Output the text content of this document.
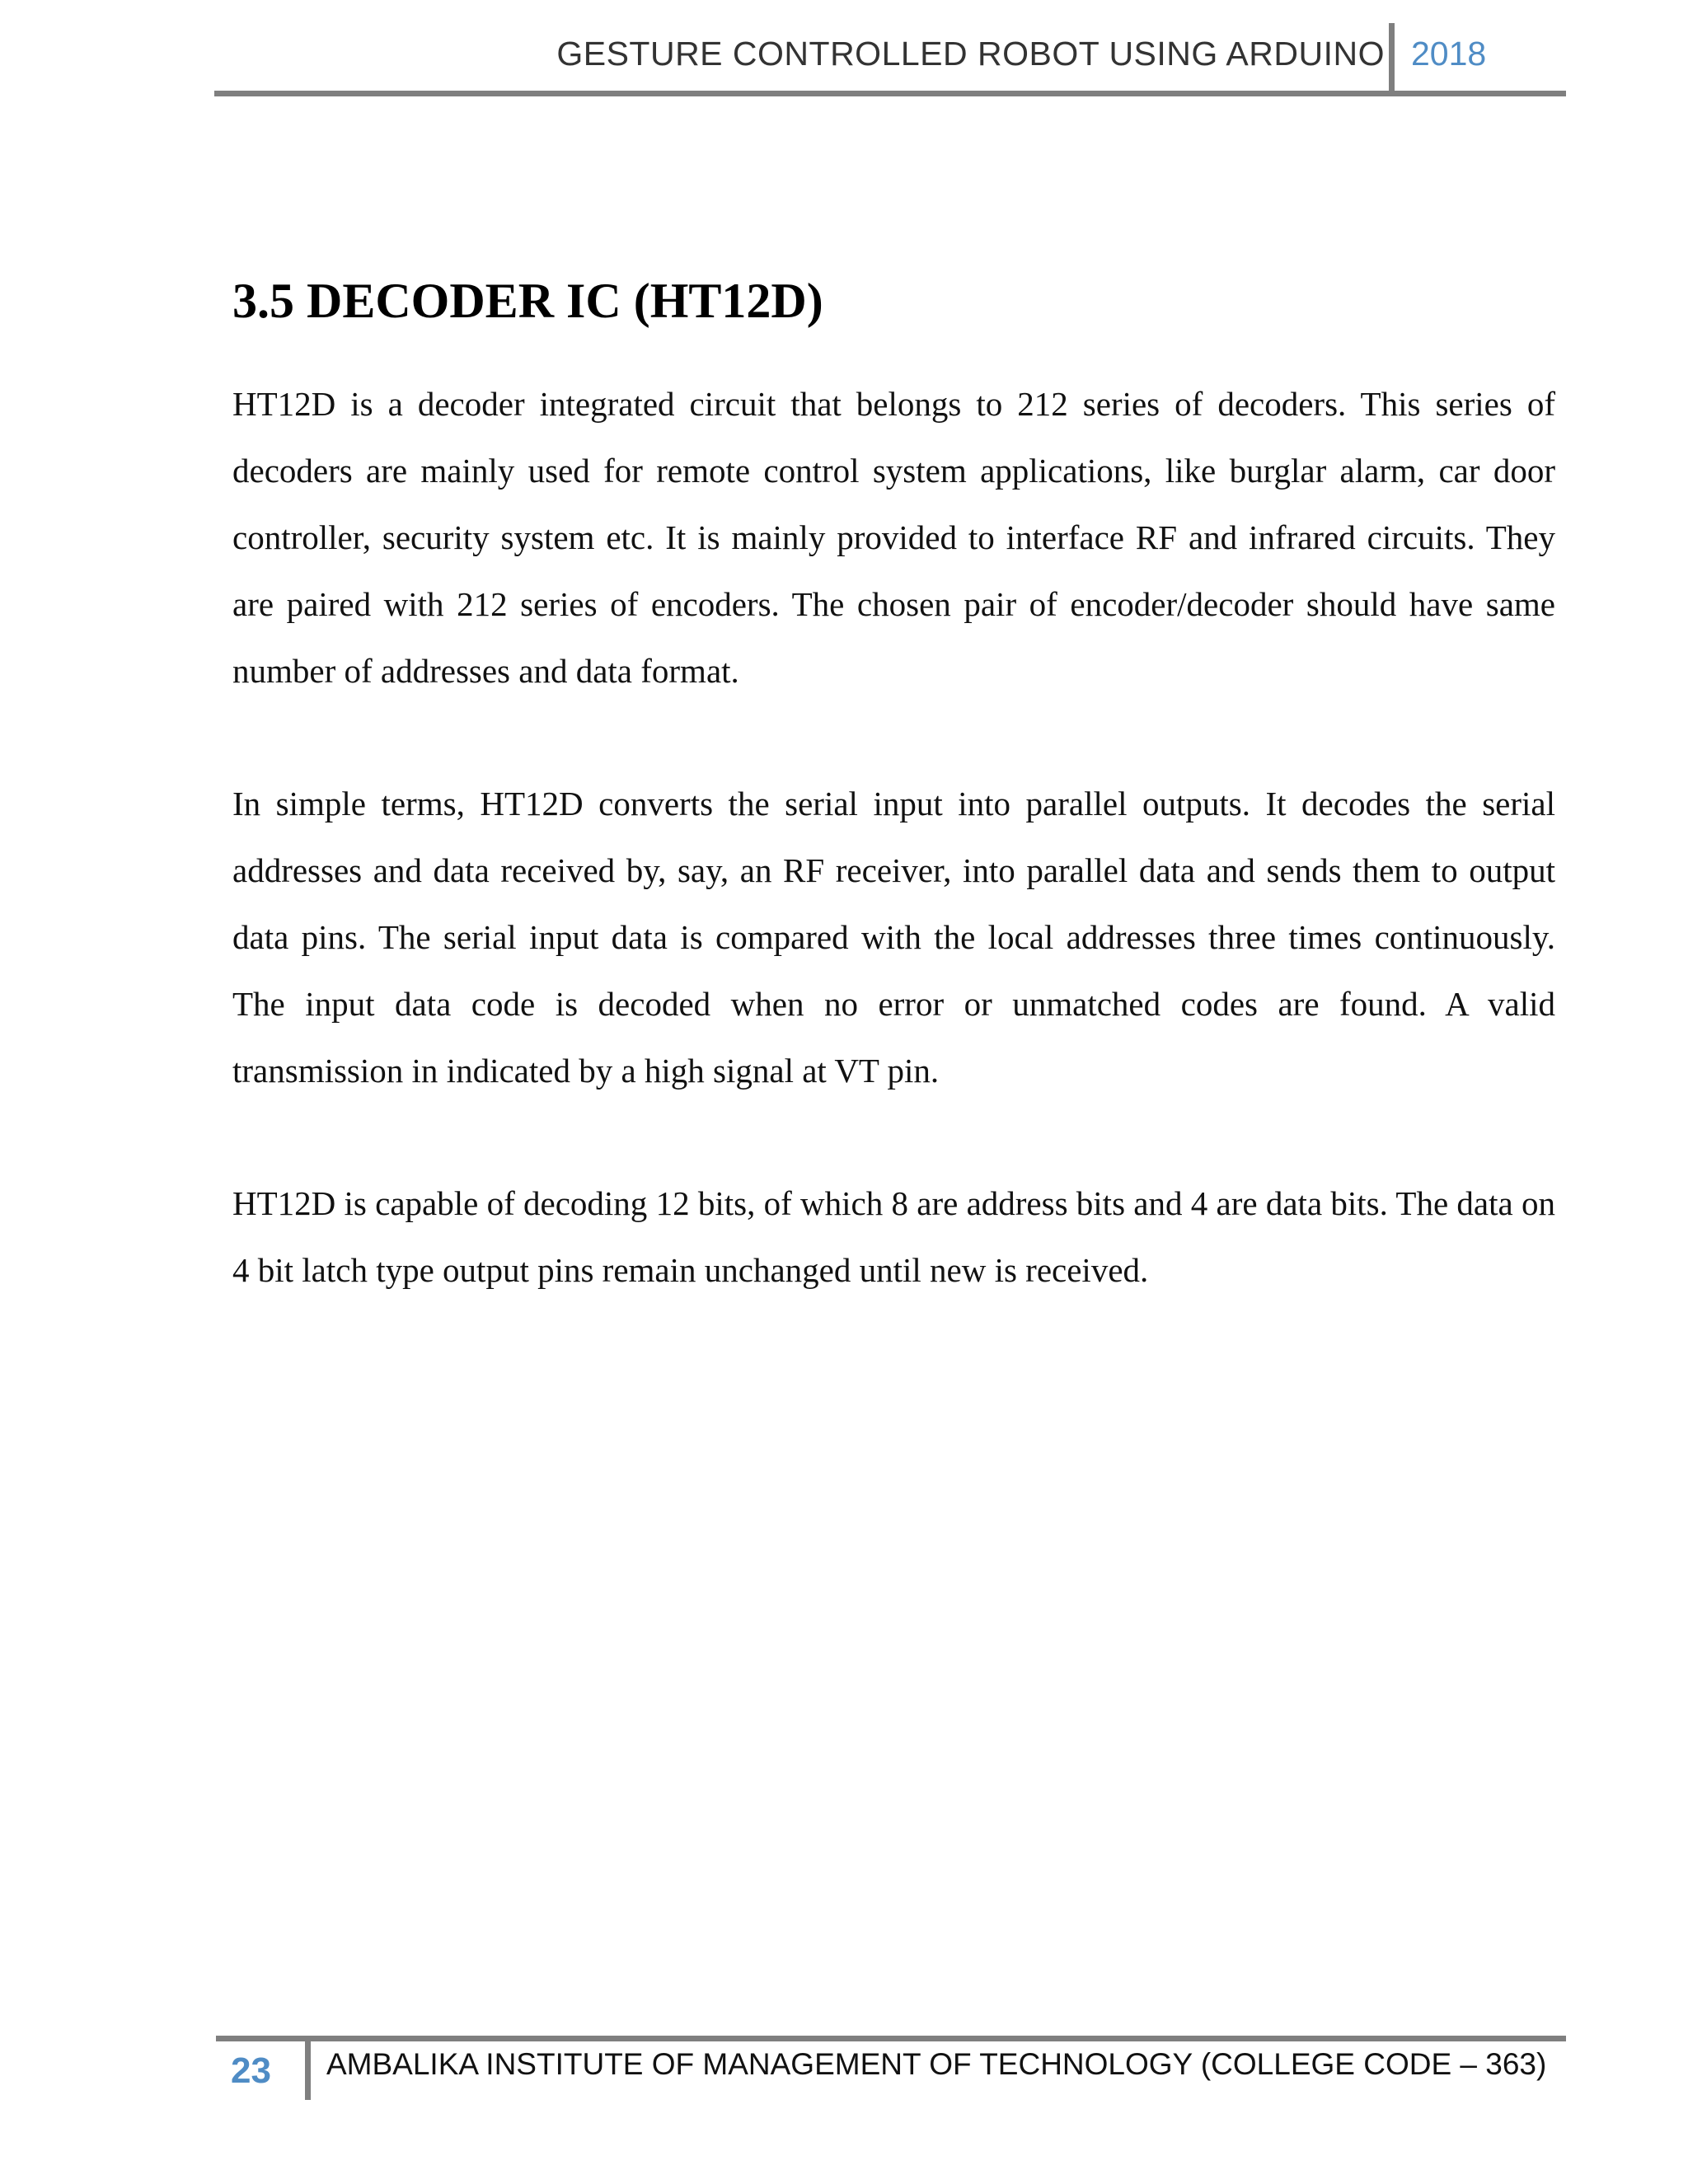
GESTURE CONTROLLED ROBOT USING ARDUINO 2018
3.5 DECODER IC (HT12D)

HT12D is a decoder integrated circuit that belongs to 212 series of decoders. This series of decoders are mainly used for remote control system applications, like burglar alarm, car door controller, security system etc. It is mainly provided to interface RF and infrared circuits. They are paired with 212 series of encoders. The chosen pair of encoder/decoder should have same number of addresses and data format.

In simple terms, HT12D converts the serial input into parallel outputs. It decodes the serial addresses and data received by, say, an RF receiver, into parallel data and sends them to output data pins. The serial input data is compared with the local addresses three times continuously. The input data code is decoded when no error or unmatched codes are found. A valid transmission in indicated by a high signal at VT pin.

HT12D is capable of decoding 12 bits, of which 8 are address bits and 4 are data bits. The data on 4 bit latch type output pins remain unchanged until new is received.

23 AMBALIKA INSTITUTE OF MANAGEMENT OF TECHNOLOGY (COLLEGE CODE – 363)
